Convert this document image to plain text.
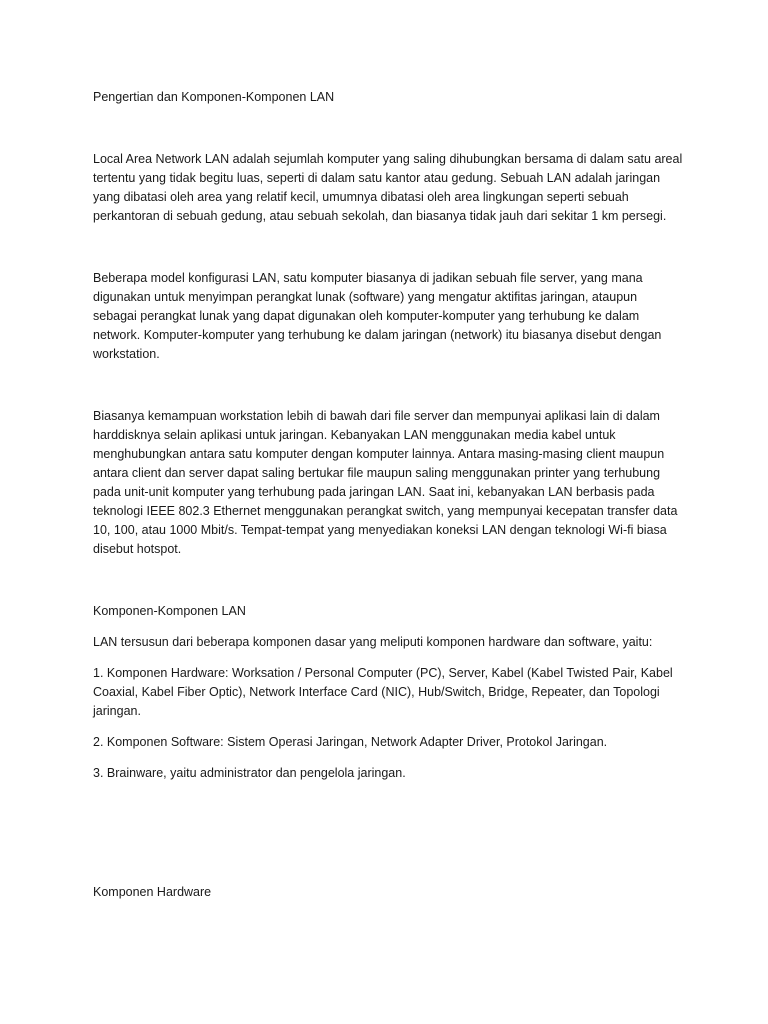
Pengertian dan Komponen-Komponen LAN

Local Area Network LAN adalah sejumlah komputer yang saling dihubungkan bersama di dalam satu areal tertentu yang tidak begitu luas, seperti di dalam satu kantor atau gedung. Sebuah LAN adalah jaringan yang dibatasi oleh area yang relatif kecil, umumnya dibatasi oleh area lingkungan seperti sebuah perkantoran di sebuah gedung, atau sebuah sekolah, dan biasanya tidak jauh dari sekitar 1 km persegi.

Beberapa model konfigurasi LAN, satu komputer biasanya di jadikan sebuah file server, yang mana digunakan untuk menyimpan perangkat lunak (software) yang mengatur aktifitas jaringan, ataupun sebagai perangkat lunak yang dapat digunakan oleh komputer-komputer yang terhubung ke dalam network. Komputer-komputer yang terhubung ke dalam jaringan (network) itu biasanya disebut dengan workstation.

Biasanya kemampuan workstation lebih di bawah dari file server dan mempunyai aplikasi lain di dalam harddisknya selain aplikasi untuk jaringan. Kebanyakan LAN menggunakan media kabel untuk menghubungkan antara satu komputer dengan komputer lainnya. Antara masing-masing client maupun antara client dan server dapat saling bertukar file maupun saling menggunakan printer yang terhubung pada unit-unit komputer yang terhubung pada jaringan LAN. Saat ini, kebanyakan LAN berbasis pada teknologi IEEE 802.3 Ethernet menggunakan perangkat switch, yang mempunyai kecepatan transfer data 10, 100, atau 1000 Mbit/s. Tempat-tempat yang menyediakan koneksi LAN dengan teknologi Wi-fi biasa disebut hotspot.

Komponen-Komponen LAN

LAN tersusun dari beberapa komponen dasar yang meliputi komponen hardware dan software, yaitu:

1. Komponen Hardware: Worksation / Personal Computer (PC), Server, Kabel (Kabel Twisted Pair, Kabel Coaxial, Kabel Fiber Optic), Network Interface Card (NIC), Hub/Switch, Bridge, Repeater, dan Topologi jaringan.

2. Komponen Software: Sistem Operasi Jaringan, Network Adapter Driver, Protokol Jaringan.

3. Brainware, yaitu administrator dan pengelola jaringan.

Komponen Hardware
